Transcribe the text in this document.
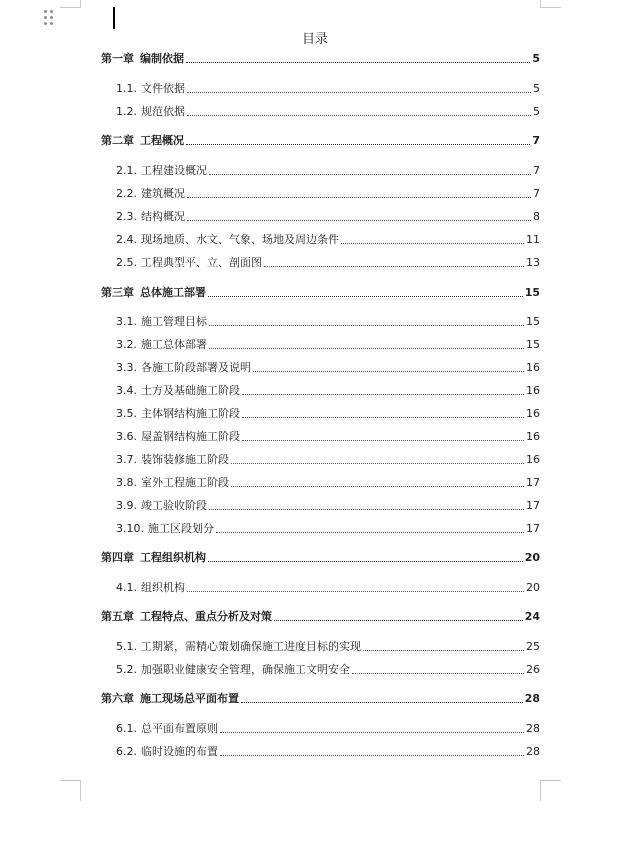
目录
第一章 编制依据	5
1.1. 文件依据	5
1.2. 规范依据	5
第二章 工程概况	7
2.1. 工程建设概况	7
2.2. 建筑概况	7
2.3. 结构概况	8
2.4. 现场地质、水文、气象、场地及周边条件	11
2.5. 工程典型平、立、剖面图	13
第三章 总体施工部署	15
3.1. 施工管理目标	15
3.2. 施工总体部署	15
3.3. 各施工阶段部署及说明	16
3.4. 土方及基础施工阶段	16
3.5. 主体钢结构施工阶段	16
3.6. 屋盖钢结构施工阶段	16
3.7. 装饰装修施工阶段	16
3.8. 室外工程施工阶段	17
3.9. 竣工验收阶段	17
3.10. 施工区段划分	17
第四章 工程组织机构	20
4.1. 组织机构	20
第五章 工程特点、重点分析及对策	24
5.1. 工期紧，需精心策划确保施工进度目标的实现	25
5.2. 加强职业健康安全管理，确保施工文明安全	26
第六章 施工现场总平面布置	28
6.1. 总平面布置原则	28
6.2. 临时设施的布置	28
